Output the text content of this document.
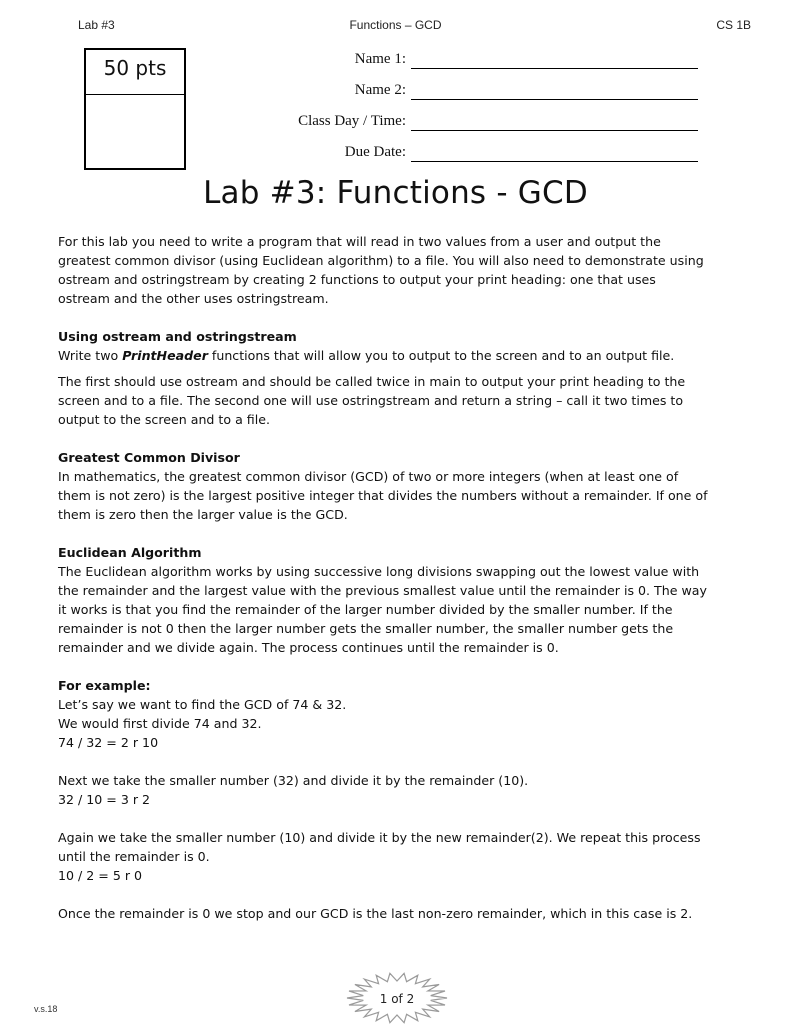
Lab #3	Functions – GCD	CS 1B
50 pts	Name 1:
Name 2:
Class Day / Time:
Due Date:
Lab #3: Functions - GCD

For this lab you need to write a program that will read in two values from a user and output the greatest common divisor (using Euclidean algorithm) to a file. You will also need to demonstrate using ostream and ostringstream by creating 2 functions to output your print heading: one that uses ostream and the other uses ostringstream.

Using ostream and ostringstream

Write two PrintHeader functions that will allow you to output to the screen and to an output file.

The first should use ostream and should be called twice in main to output your print heading to the screen and to a file. The second one will use ostringstream and return a string – call it two times to output to the screen and to a file.

Greatest Common Divisor

In mathematics, the greatest common divisor (GCD) of two or more integers (when at least one of them is not zero) is the largest positive integer that divides the numbers without a remainder. If one of them is zero then the larger value is the GCD.

Euclidean Algorithm

The Euclidean algorithm works by using successive long divisions swapping out the lowest value with the remainder and the largest value with the previous smallest value until the remainder is 0. The way it works is that you find the remainder of the larger number divided by the smaller number. If the remainder is not 0 then the larger number gets the smaller number, the smaller number gets the remainder and we divide again. The process continues until the remainder is 0.

For example:

Let’s say we want to find the GCD of 74 & 32.

We would first divide 74 and 32.

74 / 32 = 2 r 10

Next we take the smaller number (32) and divide it by the remainder (10).

32 / 10 = 3 r 2

Again we take the smaller number (10) and divide it by the new remainder(2). We repeat this process until the remainder is 0.

10 / 2 = 5 r 0

Once the remainder is 0 we stop and our GCD is the last non-zero remainder, which in this case is 2.

1 of 2
v.s.18
